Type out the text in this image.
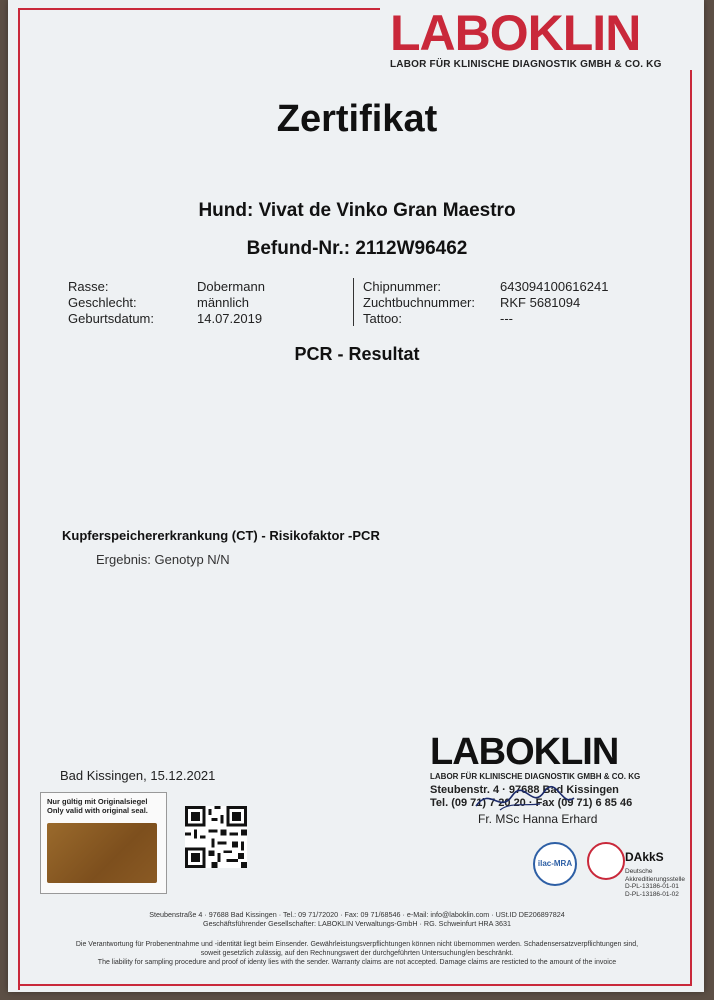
LABOKLIN
LABOR FÜR KLINISCHE DIAGNOSTIK GMBH & CO. KG
Zertifikat
Hund: Vivat de Vinko Gran Maestro
Befund-Nr.: 2112W96462
Rasse:
Geschlecht:
Geburtsdatum:
Dobermann
männlich
14.07.2019
Chipnummer:
Zuchtbuchnummer:
Tattoo:
643094100616241
RKF 5681094
---
PCR - Resultat
Kupferspeichererkrankung (CT) - Risikofaktor -PCR
Ergebnis: Genotyp N/N
LABOKLIN
LABOR FÜR KLINISCHE DIAGNOSTIK GMBH & CO. KG
Steubenstr. 4 · 97688 Bad Kissingen
Tel. (09 71) 7 20 20 · Fax (09 71) 6 85 46
Fr. MSc Hanna Erhard
Bad Kissingen, 15.12.2021
Nur gültig mit Originalsiegel
Only valid with original seal.
ilac-MRA	DAkkS
Deutsche
Akkreditierungsstelle
D-PL-13186-01-01
D-PL-13186-01-02
Steubenstraße 4 · 97688 Bad Kissingen · Tel.: 09 71/72020 · Fax: 09 71/68546 · e-Mail: info@laboklin.com · USt.ID DE206897824
Geschäftsführender Gesellschafter: LABOKLIN Verwaltungs-GmbH · RG. Schweinfurt HRA 3631
Die Verantwortung für Probenentnahme und -identität liegt beim Einsender. Gewährleistungsverpflichtungen können nicht übernommen werden. Schadensersatzverpflichtungen sind,
soweit gesetzlich zulässig, auf den Rechnungswert der durchgeführten Untersuchung/en beschränkt.
The liability for sampling procedure and proof of identy lies with the sender. Warranty claims are not accepted. Damage claims are resticted to the amount of the invoice
